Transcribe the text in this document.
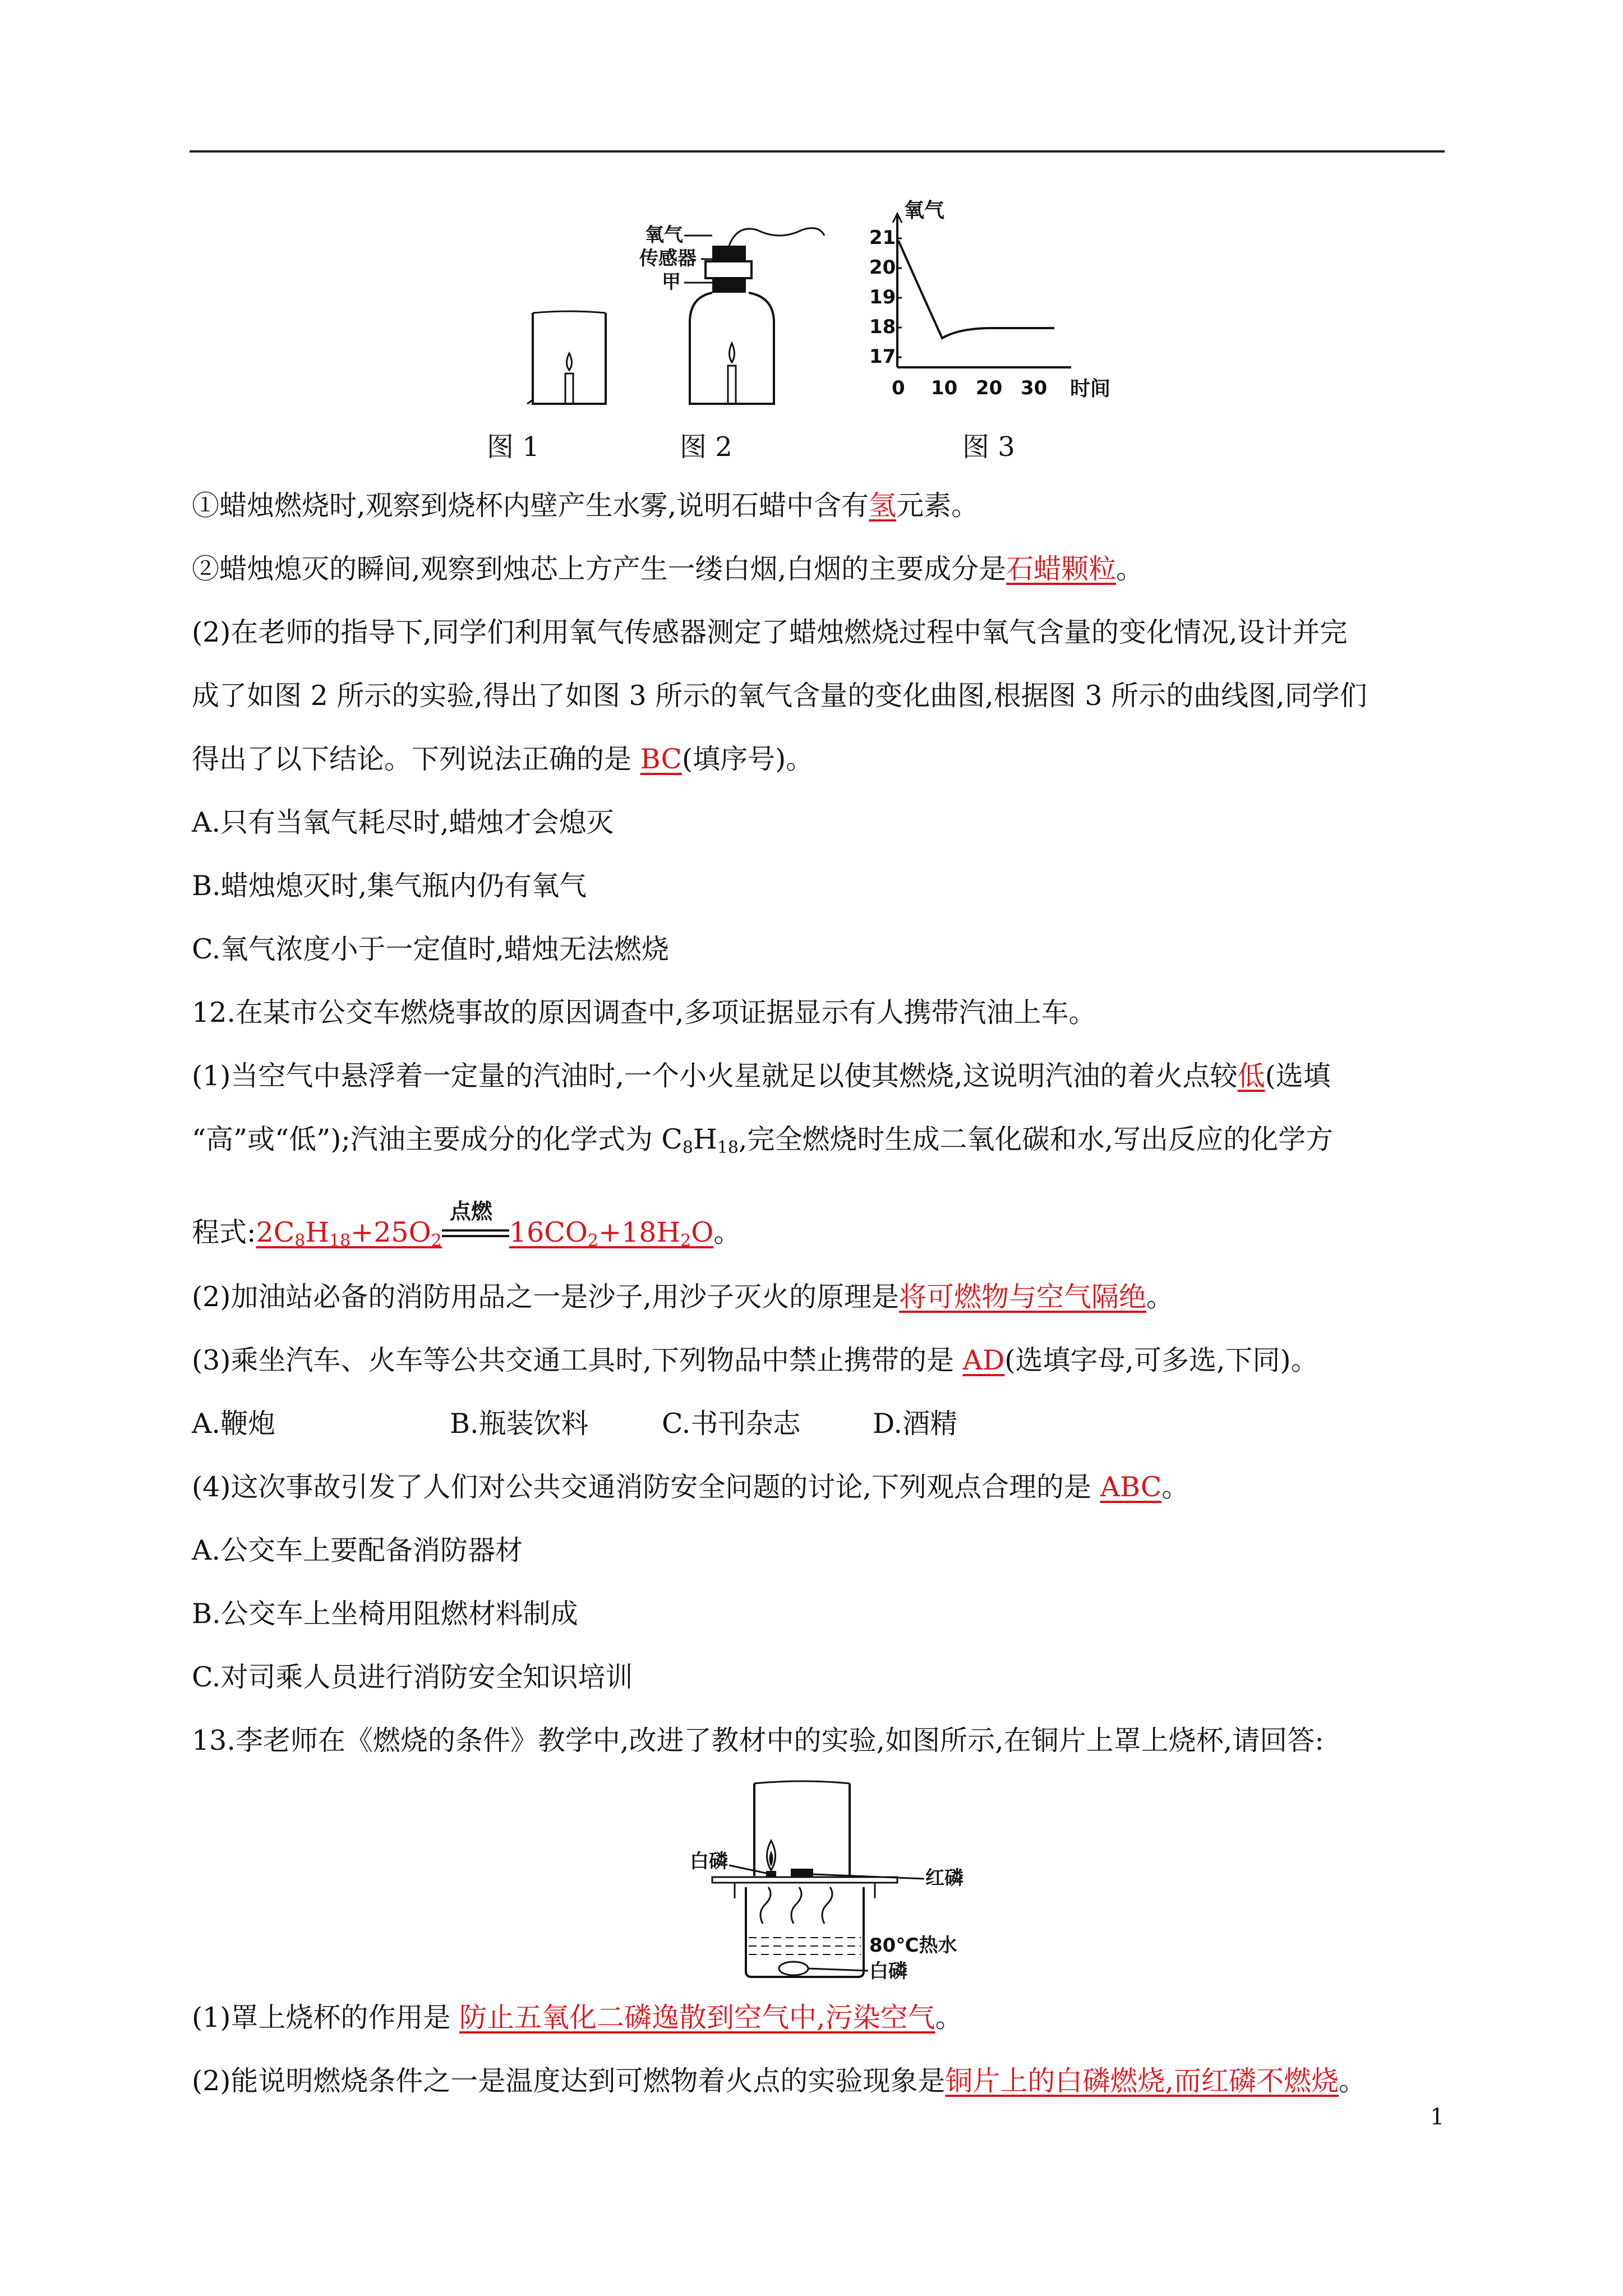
氧气
传感器
甲
氧气
21
20
19
18
17
0 10 20 30 时间
图 1	图 2	图 3
①蜡烛燃烧时,观察到烧杯内壁产生水雾,说明石蜡中含有氢元素。
②蜡烛熄灭的瞬间,观察到烛芯上方产生一缕白烟,白烟的主要成分是石蜡颗粒。
(2)在老师的指导下,同学们利用氧气传感器测定了蜡烛燃烧过程中氧气含量的变化情况,设计并完
成了如图 2 所示的实验,得出了如图 3 所示的氧气含量的变化曲图,根据图 3 所示的曲线图,同学们
得出了以下结论。下列说法正确的是 BC(填序号)。
A.只有当氧气耗尽时,蜡烛才会熄灭
B.蜡烛熄灭时,集气瓶内仍有氧气
C.氧气浓度小于一定值时,蜡烛无法燃烧
12.在某市公交车燃烧事故的原因调查中,多项证据显示有人携带汽油上车。
(1)当空气中悬浮着一定量的汽油时,一个小火星就足以使其燃烧,这说明汽油的着火点较低(选填
“高”或“低”);汽油主要成分的化学式为 $C_8H_{18}$,完全燃烧时生成二氧化碳和水,写出反应的化学方
程式$:2C_8H_{18}+25O_2$
点燃
$16CO_2+18H_2O$。
(2)加油站必备的消防用品之一是沙子,用沙子灭火的原理是将可燃物与空气隔绝。
(3)乘坐汽车、火车等公共交通工具时,下列物品中禁止携带的是 AD(选填字母,可多选,下同)。
A.鞭炮	B.瓶装饮料	C.书刊杂志	D.酒精
(4)这次事故引发了人们对公共交通消防安全问题的讨论,下列观点合理的是 ABC。
A.公交车上要配备消防器材
B.公交车上坐椅用阻燃材料制成
C.对司乘人员进行消防安全知识培训
13.李老师在《燃烧的条件》教学中,改进了教材中的实验,如图所示,在铜片上罩上烧杯,请回答:
白磷
红磷
80℃热水
白磷
(1)罩上烧杯的作用是 防止五氧化二磷逸散到空气中,污染空气。
(2)能说明燃烧条件之一是温度达到可燃物着火点的实验现象是铜片上的白磷燃烧,而红磷不燃烧。
1
